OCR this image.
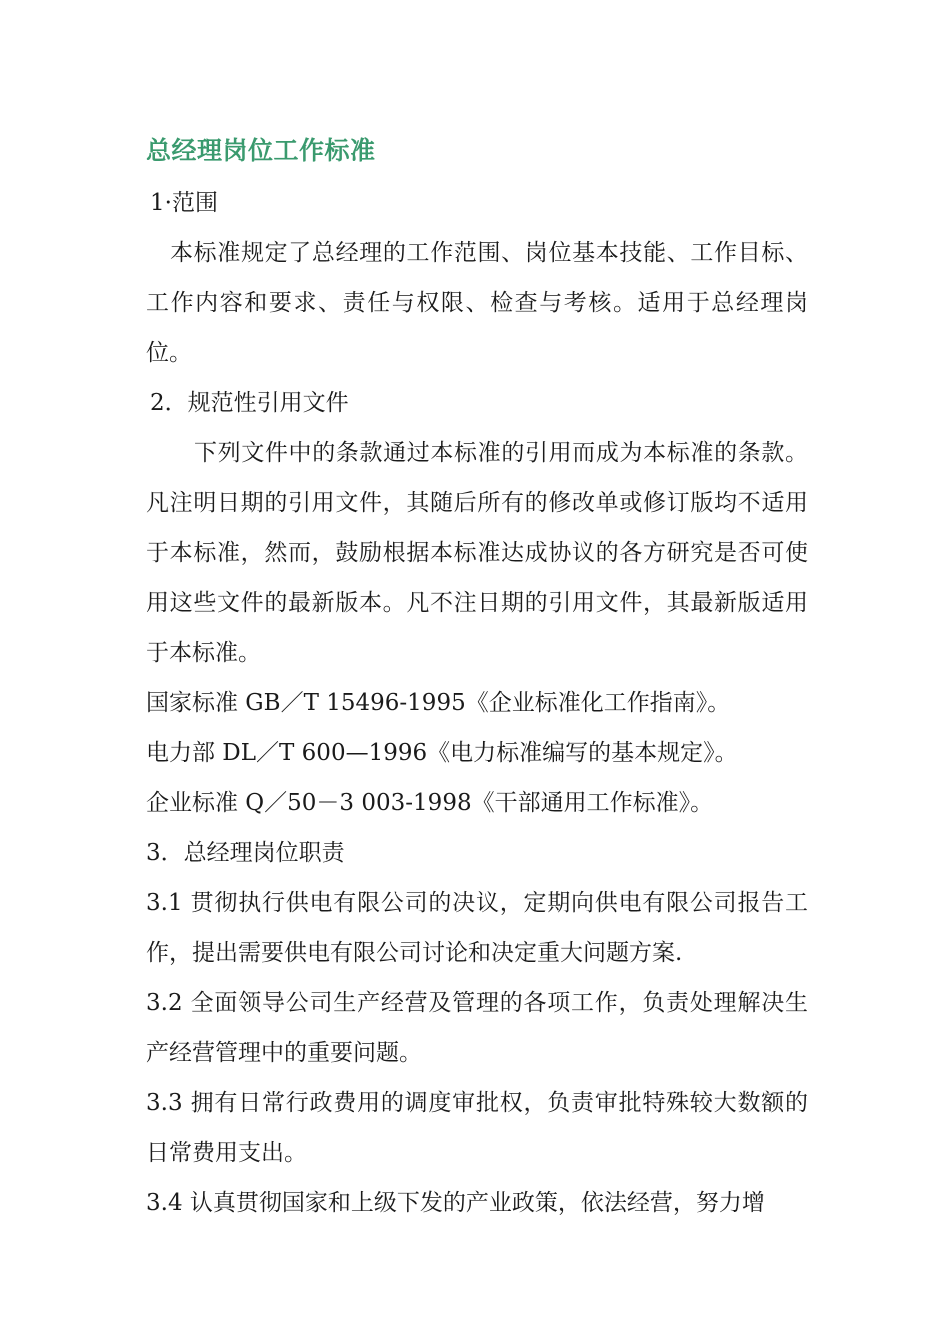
总经理岗位工作标准
1·范围

本标准规定了总经理的工作范围、岗位基本技能、工作目标、工作内容和要求、责任与权限、检查与考核。适用于总经理岗位。

2．规范性引用文件

下列文件中的条款通过本标准的引用而成为本标准的条款。凡注明日期的引用文件，其随后所有的修改单或修订版均不适用于本标准，然而，鼓励根据本标准达成协议的各方研究是否可使用这些文件的最新版本。凡不注日期的引用文件，其最新版适用于本标准。

国家标准 GB／T 15496-1995《企业标准化工作指南》。
电力部 DL／T 600—1996《电力标准编写的基本规定》。
企业标准 Q／50－3 003-1998《干部通用工作标准》。
3．总经理岗位职责

3.1 贯彻执行供电有限公司的决议，定期向供电有限公司报告工作，提出需要供电有限公司讨论和决定重大问题方案.

3.2 全面领导公司生产经营及管理的各项工作，负责处理解决生产经营管理中的重要问题。

3.3 拥有日常行政费用的调度审批权，负责审批特殊较大数额的日常费用支出。

3.4 认真贯彻国家和上级下发的产业政策，依法经营，努力增
